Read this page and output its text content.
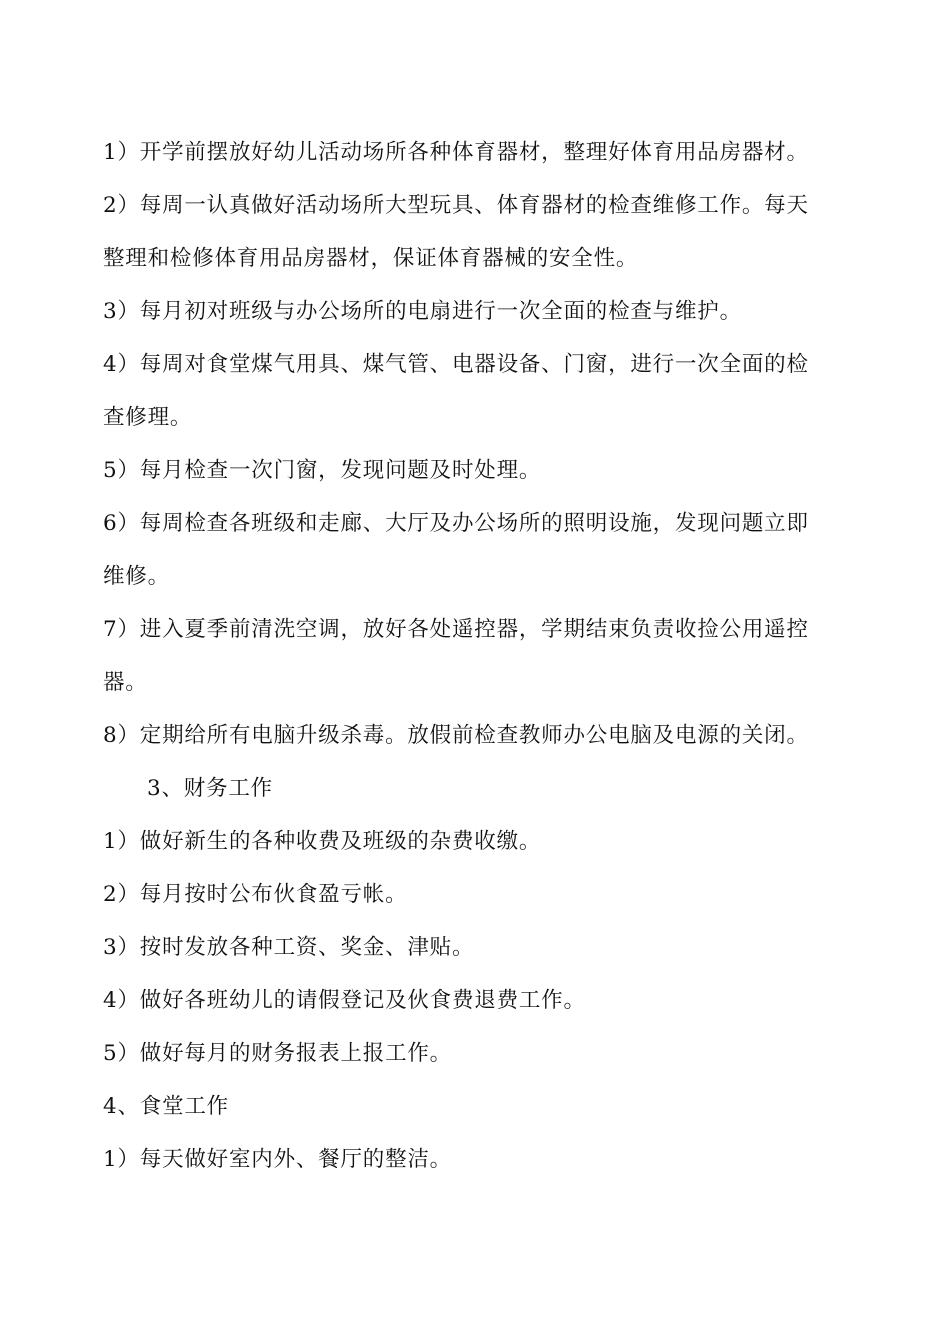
1）开学前摆放好幼儿活动场所各种体育器材，整理好体育用品房器材。
2）每周一认真做好活动场所大型玩具、体育器材的检查维修工作。每天
整理和检修体育用品房器材，保证体育器械的安全性。
3）每月初对班级与办公场所的电扇进行一次全面的检查与维护。
4）每周对食堂煤气用具、煤气管、电器设备、门窗，进行一次全面的检
查修理。
5）每月检查一次门窗，发现问题及时处理。
6）每周检查各班级和走廊、大厅及办公场所的照明设施，发现问题立即
维修。
7）进入夏季前清洗空调，放好各处遥控器，学期结束负责收捡公用遥控
器。
8）定期给所有电脑升级杀毒。放假前检查教师办公电脑及电源的关闭。
3、财务工作
1）做好新生的各种收费及班级的杂费收缴。
2）每月按时公布伙食盈亏帐。
3）按时发放各种工资、奖金、津贴。
4）做好各班幼儿的请假登记及伙食费退费工作。
5）做好每月的财务报表上报工作。
4、食堂工作
1）每天做好室内外、餐厅的整洁。
